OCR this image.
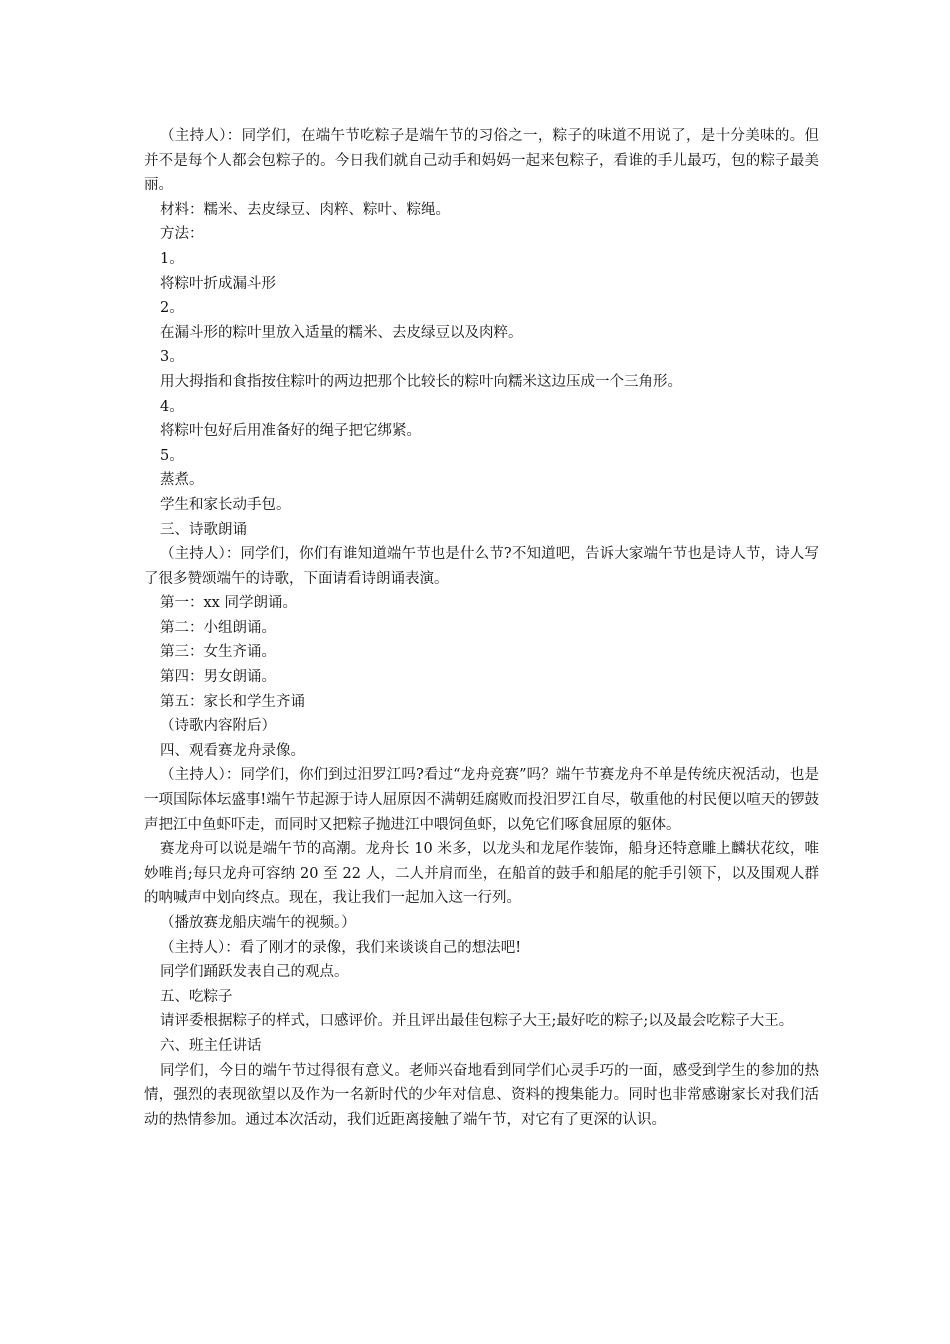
（主持人）：同学们，在端午节吃粽子是端午节的习俗之一，粽子的味道不用说了，是十分美味的。但并不是每个人都会包粽子的。今日我们就自己动手和妈妈一起来包粽子，看谁的手儿最巧，包的粽子最美丽。

材料：糯米、去皮绿豆、肉粹、粽叶、粽绳。

方法：

1。

将粽叶折成漏斗形

2。

在漏斗形的粽叶里放入适量的糯米、去皮绿豆以及肉粹。

3。

用大拇指和食指按住粽叶的两边把那个比较长的粽叶向糯米这边压成一个三角形。

4。

将粽叶包好后用准备好的绳子把它绑紧。

5。

蒸煮。

学生和家长动手包。

三、诗歌朗诵

（主持人）：同学们，你们有谁知道端午节也是什么节?不知道吧，告诉大家端午节也是诗人节，诗人写了很多赞颂端午的诗歌，下面请看诗朗诵表演。

第一：xx 同学朗诵。

第二：小组朗诵。

第三：女生齐诵。

第四：男女朗诵。

第五：家长和学生齐诵

（诗歌内容附后）

四、观看赛龙舟录像。

（主持人）：同学们，你们到过汨罗江吗?看过“龙舟竞赛”吗？端午节赛龙舟不单是传统庆祝活动，也是一项国际体坛盛事!端午节起源于诗人屈原因不满朝廷腐败而投汨罗江自尽，敬重他的村民便以喧天的锣鼓声把江中鱼虾吓走，而同时又把粽子抛进江中喂饲鱼虾，以免它们啄食屈原的躯体。

赛龙舟可以说是端午节的高潮。龙舟长 10 米多，以龙头和龙尾作装饰，船身还特意雕上麟状花纹，唯妙唯肖;每只龙舟可容纳 20 至 22 人，二人并肩而坐，在船首的鼓手和船尾的舵手引领下，以及围观人群的呐喊声中划向终点。现在，我让我们一起加入这一行列。

（播放赛龙船庆端午的视频。）

（主持人）：看了刚才的录像，我们来谈谈自己的想法吧!

同学们踊跃发表自己的观点。

五、吃粽子

请评委根据粽子的样式，口感评价。并且评出最佳包粽子大王;最好吃的粽子;以及最会吃粽子大王。

六、班主任讲话

同学们，今日的端午节过得很有意义。老师兴奋地看到同学们心灵手巧的一面，感受到学生的参加的热情，强烈的表现欲望以及作为一名新时代的少年对信息、资料的搜集能力。同时也非常感谢家长对我们活动的热情参加。通过本次活动，我们近距离接触了端午节，对它有了更深的认识。
